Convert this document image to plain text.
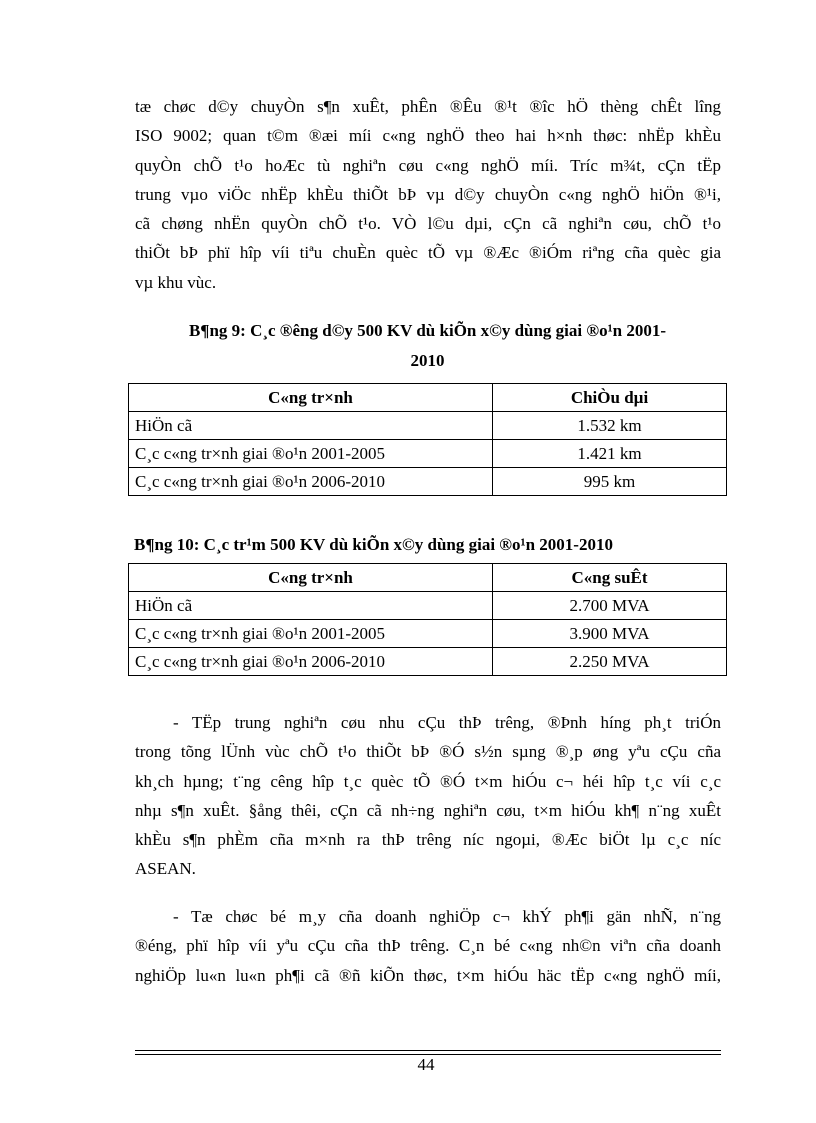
tæ chøc d©y chuyÒn s¶n xuÊt, phÊn ®Êu ®¹t ®îc hÖ thèng chÊt lîng
ISO 9002; quan t©m ®æi míi c«ng nghÖ theo hai h×nh thøc: nhËp khÈu
quyÒn chÕ t¹o hoÆc tù nghiªn cøu c«ng nghÖ míi. Tríc m¾t, cÇn tËp
trung vµo viÖc nhËp khÈu thiÕt bÞ vµ d©y chuyÒn c«ng nghÖ hiÖn ®¹i,
cã chøng nhËn quyÒn chÕ t¹o. VÒ l©u dµi, cÇn cã nghiªn cøu, chÕ t¹o
thiÕt bÞ phï hîp víi tiªu chuÈn quèc tÕ vµ ®Æc ®iÓm riªng cña quèc gia
vµ khu vùc.
B¶ng 9: C¸c ®êng d©y 500 KV dù kiÕn x©y dùng giai ®o¹n 2001-
2010
C«ng tr×nh	ChiÒu dµi
HiÖn cã	1.532 km
C¸c c«ng tr×nh giai ®o¹n 2001-2005	1.421 km
C¸c c«ng tr×nh giai ®o¹n 2006-2010	995 km
B¶ng 10: C¸c tr¹m 500 KV dù kiÕn x©y dùng giai ®o¹n 2001-2010
C«ng tr×nh	C«ng suÊt
HiÖn cã	2.700 MVA
C¸c c«ng tr×nh giai ®o¹n 2001-2005	3.900 MVA
C¸c c«ng tr×nh giai ®o¹n 2006-2010	2.250 MVA
- TËp trung nghiªn cøu nhu cÇu thÞ trêng, ®Þnh híng ph¸t triÓn
trong tõng lÜnh vùc chÕ t¹o thiÕt bÞ ®Ó s½n sµng ®¸p øng yªu cÇu cña
kh¸ch hµng; t¨ng cêng hîp t¸c quèc tÕ ®Ó t×m hiÓu c¬ héi hîp t¸c víi c¸c
nhµ s¶n xuÊt. §ång thêi, cÇn cã nh÷ng nghiªn cøu, t×m hiÓu kh¶ n¨ng xuÊt
khÈu s¶n phÈm cña m×nh ra thÞ trêng níc ngoµi, ®Æc biÖt lµ c¸c níc
ASEAN.
- Tæ chøc bé m¸y cña doanh nghiÖp c¬ khÝ ph¶i gän nhÑ, n¨ng
®éng, phï hîp víi yªu cÇu cña thÞ trêng. C¸n bé c«ng nh©n viªn cña doanh
nghiÖp lu«n lu«n ph¶i cã ®ñ kiÕn thøc, t×m hiÓu häc tËp c«ng nghÖ míi,
44
